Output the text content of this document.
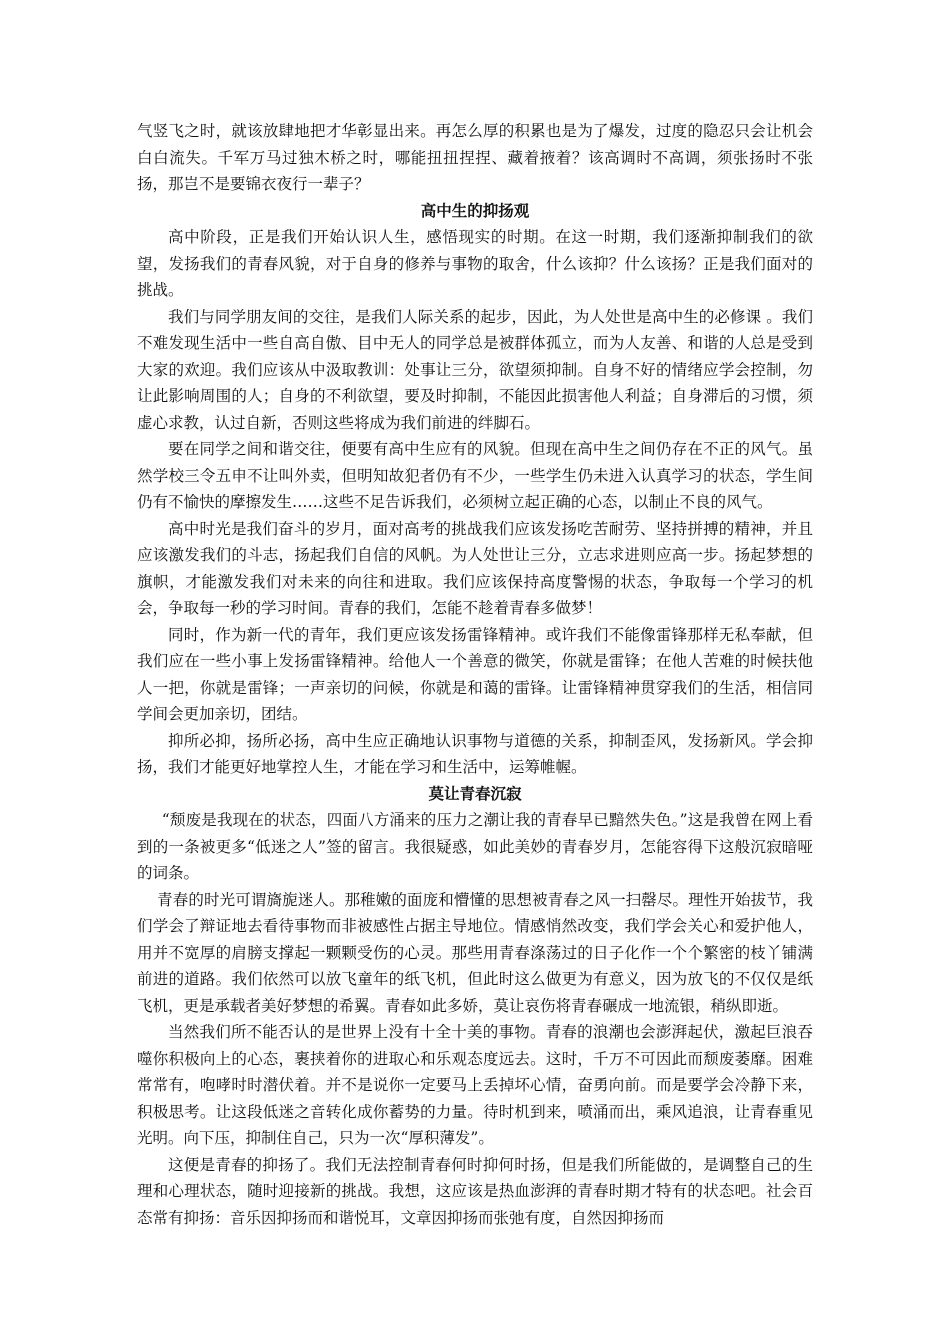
气竖飞之时，就该放肆地把才华彰显出来。再怎么厚的积累也是为了爆发，过度的隐忍只会让机会白白流失。千军万马过独木桥之时，哪能扭扭捏捏、藏着掖着？该高调时不高调，须张扬时不张扬，那岂不是要锦衣夜行一辈子？

高中生的抑扬观

高中阶段，正是我们开始认识人生，感悟现实的时期。在这一时期，我们逐渐抑制我们的欲望，发扬我们的青春风貌，对于自身的修养与事物的取舍，什么该抑？什么该扬？正是我们面对的挑战。

我们与同学朋友间的交往，是我们人际关系的起步，因此，为人处世是高中生的必修课 。我们不难发现生活中一些自高自傲、目中无人的同学总是被群体孤立，而为人友善、和谐的人总是受到大家的欢迎。我们应该从中汲取教训：处事让三分，欲望须抑制。自身不好的情绪应学会控制，勿让此影响周围的人；自身的不利欲望，要及时抑制，不能因此损害他人利益；自身滞后的习惯，须虚心求教，认过自新，否则这些将成为我们前进的绊脚石。

要在同学之间和谐交往，便要有高中生应有的风貌。但现在高中生之间仍存在不正的风气。虽然学校三令五申不让叫外卖，但明知故犯者仍有不少，一些学生仍未进入认真学习的状态，学生间仍有不愉快的摩擦发生……这些不足告诉我们，必须树立起正确的心态，以制止不良的风气。

高中时光是我们奋斗的岁月，面对高考的挑战我们应该发扬吃苦耐劳、坚持拼搏的精神，并且应该激发我们的斗志，扬起我们自信的风帆。为人处世让三分，立志求进则应高一步。扬起梦想的旗帜，才能激发我们对未来的向往和进取。我们应该保持高度警惕的状态，争取每一个学习的机会，争取每一秒的学习时间。青春的我们，怎能不趁着青春多做梦！

同时，作为新一代的青年，我们更应该发扬雷锋精神。或许我们不能像雷锋那样无私奉献，但我们应在一些小事上发扬雷锋精神。给他人一个善意的微笑，你就是雷锋；在他人苦难的时候扶他人一把，你就是雷锋；一声亲切的问候，你就是和蔼的雷锋。让雷锋精神贯穿我们的生活，相信同学间会更加亲切，团结。

抑所必抑，扬所必扬，高中生应正确地认识事物与道德的关系，抑制歪风，发扬新风。学会抑扬，我们才能更好地掌控人生，才能在学习和生活中，运筹帷幄。

莫让青春沉寂

“颓废是我现在的状态，四面八方涌来的压力之潮让我的青春早已黯然失色。”这是我曾在网上看到的一条被更多“低迷之人”签的留言。我很疑惑，如此美妙的青春岁月，怎能容得下这般沉寂暗哑的词条。

青春的时光可谓旖旎迷人。那稚嫩的面庞和懵懂的思想被青春之风一扫罄尽。理性开始拔节，我们学会了辩证地去看待事物而非被感性占据主导地位。情感悄然改变，我们学会关心和爱护他人，用并不宽厚的肩膀支撑起一颗颗受伤的心灵。那些用青春涤荡过的日子化作一个个繁密的枝丫铺满前进的道路。我们依然可以放飞童年的纸飞机，但此时这么做更为有意义，因为放飞的不仅仅是纸飞机，更是承载者美好梦想的希翼。青春如此多娇，莫让哀伤将青春碾成一地流银，稍纵即逝。

当然我们所不能否认的是世界上没有十全十美的事物。青春的浪潮也会澎湃起伏，激起巨浪吞噬你积极向上的心态，裹挟着你的进取心和乐观态度远去。这时，千万不可因此而颓废萎靡。困难常常有，咆哮时时潜伏着。并不是说你一定要马上丢掉坏心情，奋勇向前。而是要学会冷静下来，积极思考。让这段低迷之音转化成你蓄势的力量。待时机到来，喷涌而出，乘风追浪，让青春重见光明。向下压，抑制住自己，只为一次“厚积薄发”。

这便是青春的抑扬了。我们无法控制青春何时抑何时扬，但是我们所能做的，是调整自己的生理和心理状态，随时迎接新的挑战。我想，这应该是热血澎湃的青春时期才特有的状态吧。社会百态常有抑扬：音乐因抑扬而和谐悦耳，文章因抑扬而张弛有度，自然因抑扬而
